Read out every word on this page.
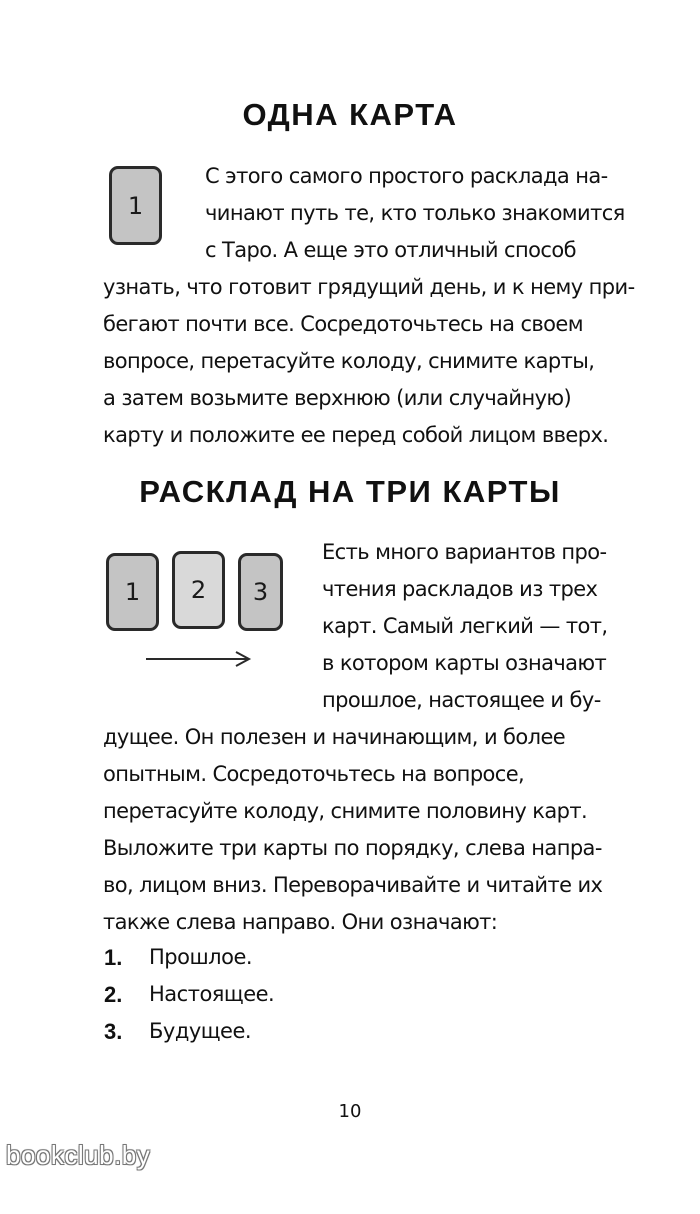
ОДНА КАРТА
1
С этого самого простого расклада на-
чинают путь те, кто только знакомится
с Таро. А еще это отличный способ
узнать, что готовит грядущий день, и к нему при-
бегают почти все. Сосредоточьтесь на своем
вопросе, перетасуйте колоду, снимите карты,
а затем возьмите верхнюю (или случайную)
карту и положите ее перед собой лицом вверх.
РАСКЛАД НА ТРИ КАРТЫ
1 2 3
Есть много вариантов про-
чтения раскладов из трех
карт. Самый легкий — тот,
в котором карты означают
прошлое, настоящее и бу-
дущее. Он полезен и начинающим, и более
опытным. Сосредоточьтесь на вопросе,
перетасуйте колоду, снимите половину карт.
Выложите три карты по порядку, слева напра-
во, лицом вниз. Переворачивайте и читайте их
также слева направо. Они означают:
1. Прошлое.
2. Настоящее.
3. Будущее.
10
bookclub.by
